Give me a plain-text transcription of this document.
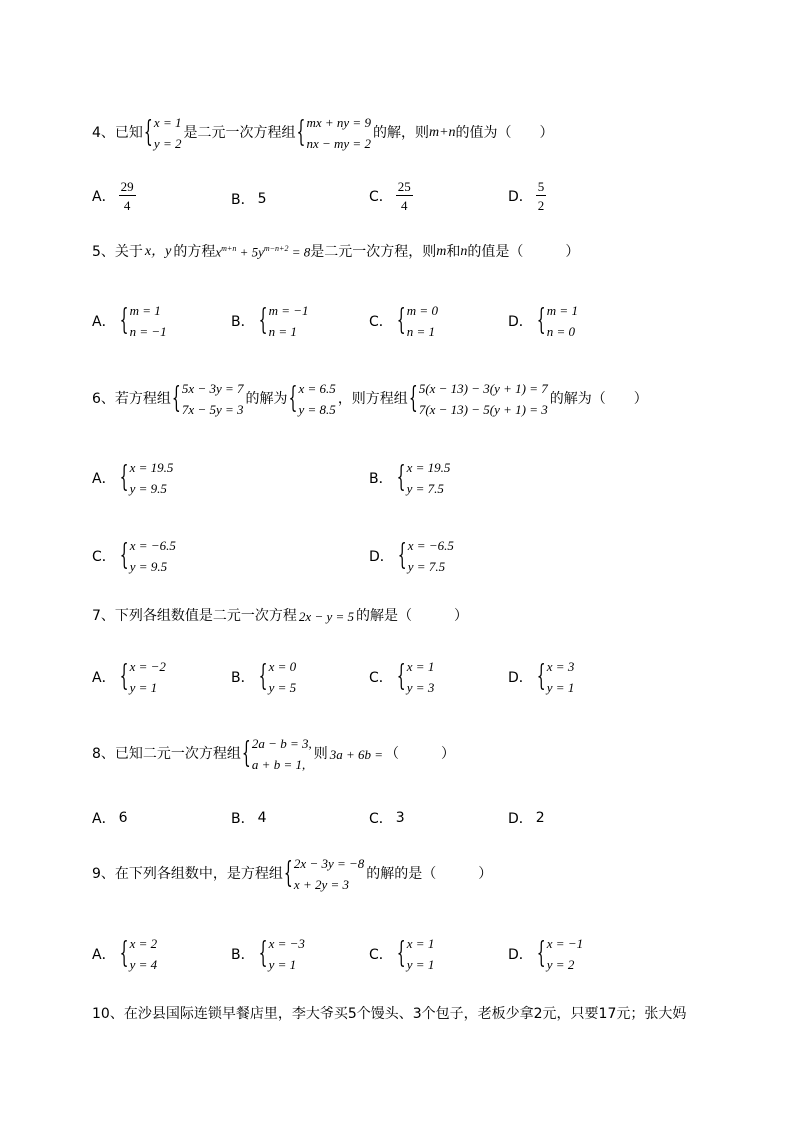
4、 已知
{ x = 1
y = 2
是二元一次方程组
{ mx + ny = 9
nx − my = 2
的解，则 m+n 的值为（　　）
A． $\frac{29}{4}$	B． 5	C． $\frac{25}{4}$	D． $\frac{5}{2}$
5、 关于 x，y 的方程 $x^{m+n} + 5y^{m-n+2} = 8$ 是二元一次方程，则 m 和 n 的值是（　　　）
A．
{ m = 1
n = −1
B．
{ m = −1
n = 1
C．
{ m = 0
n = 1
D．
{ m = 1
n = 0
6、 若方程组
{ 5x − 3y = 7
7x − 5y = 3
的解为
{ x = 6.5
y = 8.5
，则方程组
{ 5(x − 13) − 3(y + 1) = 7
7(x − 13) − 5(y + 1) = 3
的解为（　　）
A．
{ x = 19.5
y = 9.5
B．
{ x = 19.5
y = 7.5
C．
{ x = −6.5
y = 9.5
D．
{ x = −6.5
y = 7.5
7、 下列各组数值是二元一次方程 2x − y = 5 的解是（　　　）
A．
{ x = −2
y = 1
B．
{ x = 0
y = 5
C．
{ x = 1
y = 3
D．
{ x = 3
y = 1
8、 已知二元一次方程组
{ 2a − b = 3,
a + b = 1,
则 3a + 6b = （　　　）
A． 6	B． 4	C． 3	D． 2
9、 在下列各组数中，是方程组
{ 2x − 3y = −8
x + 2y = 3
的解的是（　　　）
A．
{ x = 2
y = 4
B．
{ x = −3
y = 1
C．
{ x = 1
y = 1
D．
{ x = −1
y = 2
10、在沙县国际连锁早餐店里，李大爷买5个馒头、3个包子，老板少拿2元，只要17元；张大妈
